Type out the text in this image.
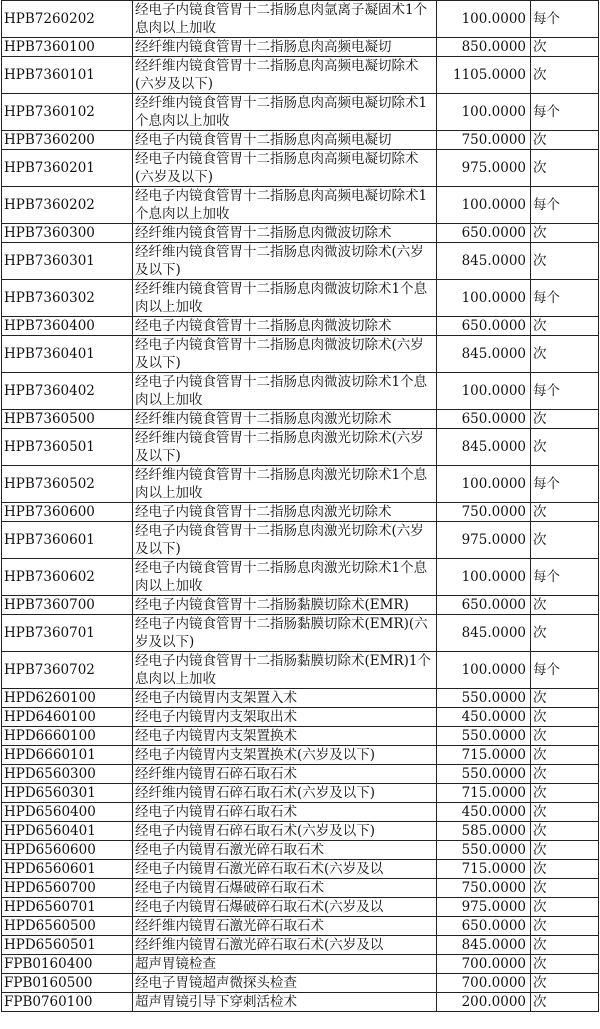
HPB7260202	经电子内镜食管胃十二指肠息肉氩离子凝固术1个息肉以上加收	100.0000	每个
HPB7360100	经纤维内镜食管胃十二指肠息肉高频电凝切	850.0000	次
HPB7360101	经纤维内镜食管胃十二指肠息肉高频电凝切除术(六岁及以下)	1105.0000	次
HPB7360102	经纤维内镜食管胃十二指肠息肉高频电凝切除术1个息肉以上加收	100.0000	每个
HPB7360200	经电子内镜食管胃十二指肠息肉高频电凝切	750.0000	次
HPB7360201	经电子内镜食管胃十二指肠息肉高频电凝切除术(六岁及以下)	975.0000	次
HPB7360202	经电子内镜食管胃十二指肠息肉高频电凝切除术1个息肉以上加收	100.0000	每个
HPB7360300	经纤维内镜食管胃十二指肠息肉微波切除术	650.0000	次
HPB7360301	经纤维内镜食管胃十二指肠息肉微波切除术(六岁及以下)	845.0000	次
HPB7360302	经纤维内镜食管胃十二指肠息肉微波切除术1个息肉以上加收	100.0000	每个
HPB7360400	经电子内镜食管胃十二指肠息肉微波切除术	650.0000	次
HPB7360401	经电子内镜食管胃十二指肠息肉微波切除术(六岁及以下)	845.0000	次
HPB7360402	经电子内镜食管胃十二指肠息肉微波切除术1个息肉以上加收	100.0000	每个
HPB7360500	经纤维内镜食管胃十二指肠息肉激光切除术	650.0000	次
HPB7360501	经纤维内镜食管胃十二指肠息肉激光切除术(六岁及以下)	845.0000	次
HPB7360502	经纤维内镜食管胃十二指肠息肉激光切除术1个息肉以上加收	100.0000	每个
HPB7360600	经电子内镜食管胃十二指肠息肉激光切除术	750.0000	次
HPB7360601	经电子内镜食管胃十二指肠息肉激光切除术(六岁及以下)	975.0000	次
HPB7360602	经电子内镜食管胃十二指肠息肉激光切除术1个息肉以上加收	100.0000	每个
HPB7360700	经电子内镜食管胃十二指肠黏膜切除术(EMR)	650.0000	次
HPB7360701	经电子内镜食管胃十二指肠黏膜切除术(EMR)(六岁及以下)	845.0000	次
HPB7360702	经电子内镜食管胃十二指肠黏膜切除术(EMR)1个息肉以上加收	100.0000	每个
HPD6260100	经电子内镜胃内支架置入术	550.0000	次
HPD6460100	经电子内镜胃内支架取出术	450.0000	次
HPD6660100	经电子内镜胃内支架置换术	550.0000	次
HPD6660101	经电子内镜胃内支架置换术(六岁及以下)	715.0000	次
HPD6560300	经纤维内镜胃石碎石取石术	550.0000	次
HPD6560301	经纤维内镜胃石碎石取石术(六岁及以下)	715.0000	次
HPD6560400	经电子内镜胃石碎石取石术	450.0000	次
HPD6560401	经电子内镜胃石碎石取石术(六岁及以下)	585.0000	次
HPD6560600	经电子内镜胃石激光碎石取石术	550.0000	次
HPD6560601	经电子内镜胃石激光碎石取石术(六岁及以	715.0000	次
HPD6560700	经电子内镜胃石爆破碎石取石术	750.0000	次
HPD6560701	经电子内镜胃石爆破碎石取石术(六岁及以	975.0000	次
HPD6560500	经纤维内镜胃石激光碎石取石术	650.0000	次
HPD6560501	经纤维内镜胃石激光碎石取石术(六岁及以	845.0000	次
FPB0160400	超声胃镜检查	700.0000	次
FPB0160500	经电子胃镜超声微探头检查	700.0000	次
FPB0760100	超声胃镜引导下穿刺活检术	200.0000	次
